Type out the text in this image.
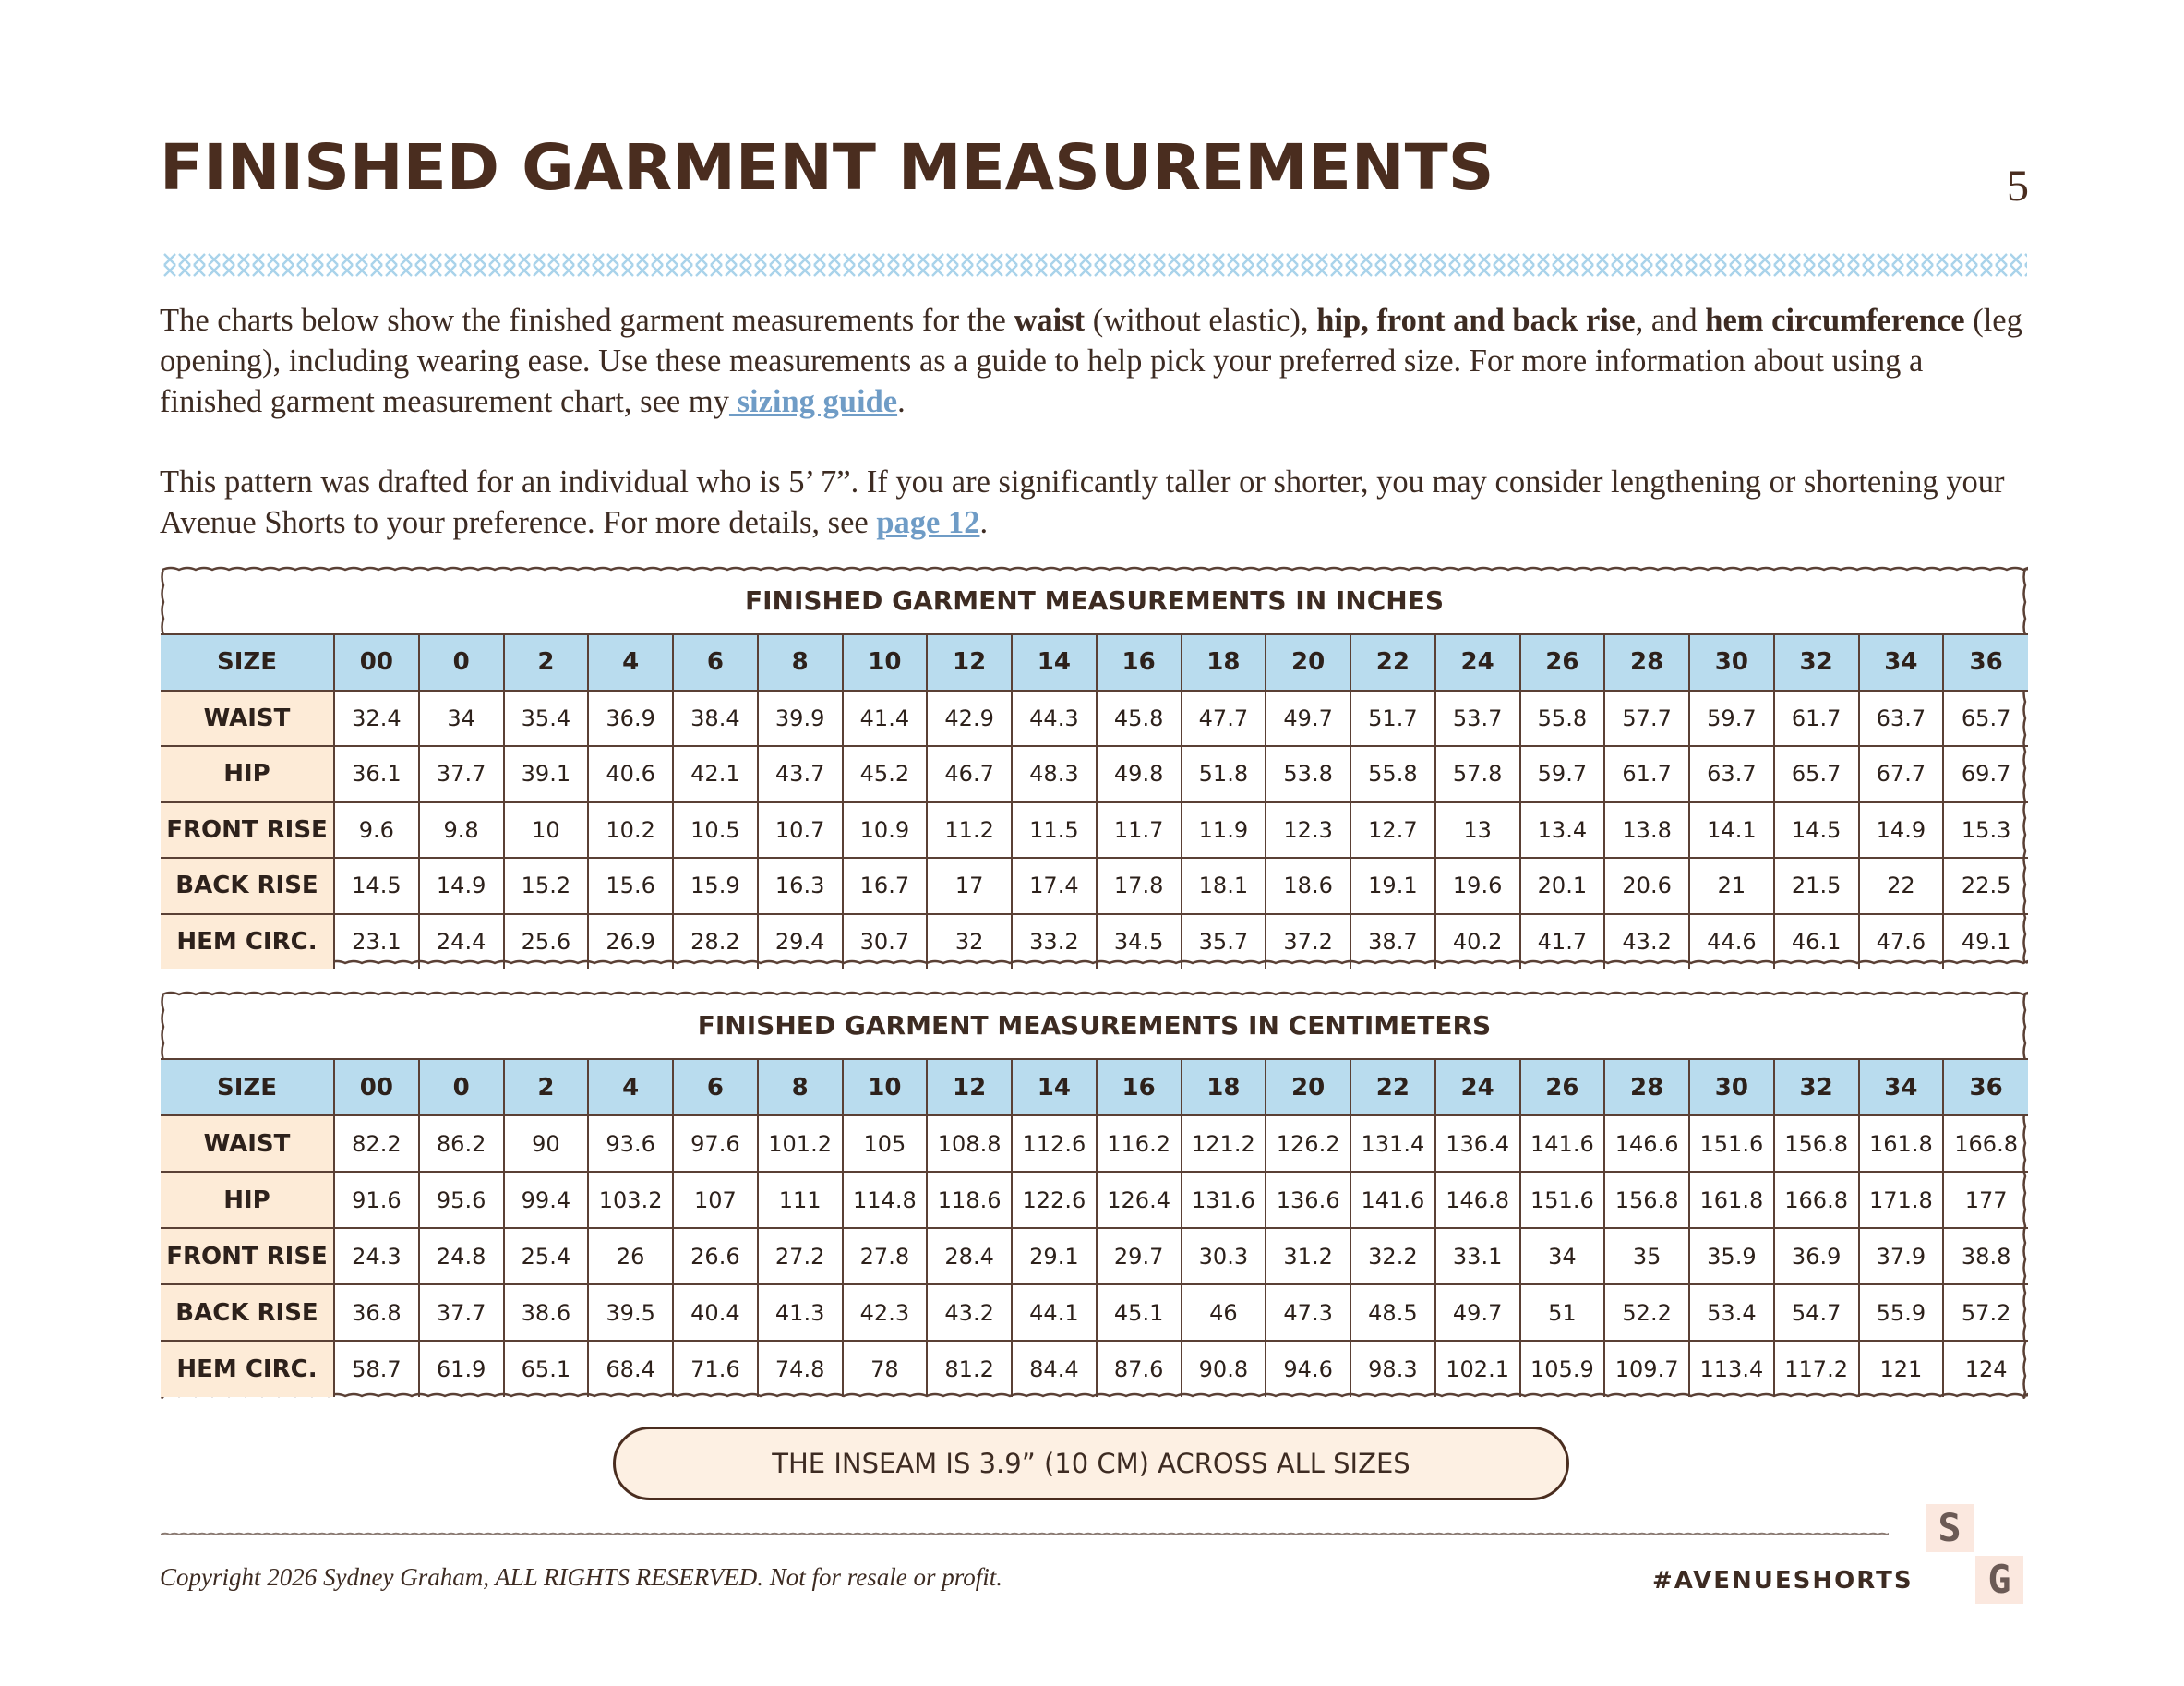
FINISHED GARMENT MEASUREMENTS	5
The charts below show the finished garment measurements for the waist (without elastic), hip, front and back rise, and hem circumference (leg opening), including wearing ease. Use these measurements as a guide to help pick your preferred size. For more information about using a finished garment measurement chart, see my sizing guide.
This pattern was drafted for an individual who is 5’ 7”. If you are significantly taller or shorter, you may consider lengthening or shortening your Avenue Shorts to your preference. For more details, see page 12.
FINISHED GARMENT MEASUREMENTS IN INCHES
SIZE	00	0	2	4	6	8	10	12	14	16	18	20	22	24	26	28	30	32	34	36
WAIST	32.4	34	35.4	36.9	38.4	39.9	41.4	42.9	44.3	45.8	47.7	49.7	51.7	53.7	55.8	57.7	59.7	61.7	63.7	65.7
HIP	36.1	37.7	39.1	40.6	42.1	43.7	45.2	46.7	48.3	49.8	51.8	53.8	55.8	57.8	59.7	61.7	63.7	65.7	67.7	69.7
FRONT RISE	9.6	9.8	10	10.2	10.5	10.7	10.9	11.2	11.5	11.7	11.9	12.3	12.7	13	13.4	13.8	14.1	14.5	14.9	15.3
BACK RISE	14.5	14.9	15.2	15.6	15.9	16.3	16.7	17	17.4	17.8	18.1	18.6	19.1	19.6	20.1	20.6	21	21.5	22	22.5
HEM CIRC.	23.1	24.4	25.6	26.9	28.2	29.4	30.7	32	33.2	34.5	35.7	37.2	38.7	40.2	41.7	43.2	44.6	46.1	47.6	49.1
FINISHED GARMENT MEASUREMENTS IN CENTIMETERS
SIZE	00	0	2	4	6	8	10	12	14	16	18	20	22	24	26	28	30	32	34	36
WAIST	82.2	86.2	90	93.6	97.6	101.2	105	108.8	112.6	116.2	121.2	126.2	131.4	136.4	141.6	146.6	151.6	156.8	161.8	166.8
HIP	91.6	95.6	99.4	103.2	107	111	114.8	118.6	122.6	126.4	131.6	136.6	141.6	146.8	151.6	156.8	161.8	166.8	171.8	177
FRONT RISE	24.3	24.8	25.4	26	26.6	27.2	27.8	28.4	29.1	29.7	30.3	31.2	32.2	33.1	34	35	35.9	36.9	37.9	38.8
BACK RISE	36.8	37.7	38.6	39.5	40.4	41.3	42.3	43.2	44.1	45.1	46	47.3	48.5	49.7	51	52.2	53.4	54.7	55.9	57.2
HEM CIRC.	58.7	61.9	65.1	68.4	71.6	74.8	78	81.2	84.4	87.6	90.8	94.6	98.3	102.1	105.9	109.7	113.4	117.2	121	124
THE INSEAM IS 3.9” (10 CM) ACROSS ALL SIZES
Copyright 2026 Sydney Graham, ALL RIGHTS RESERVED. Not for resale or profit.	#AVENUESHORTS
S
G
